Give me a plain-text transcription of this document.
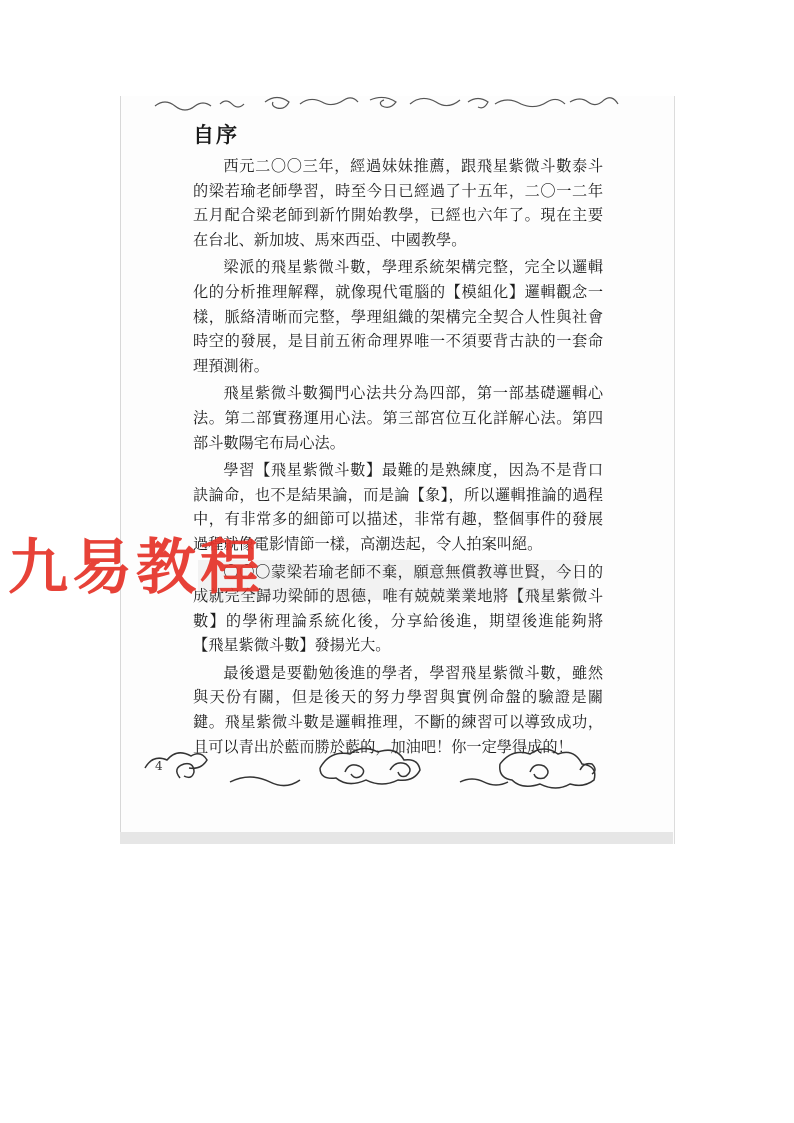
自序

西元二〇〇三年，經過妹妹推薦，跟飛星紫微斗數泰斗的梁若瑜老師學習，時至今日已經過了十五年，二〇一二年五月配合梁老師到新竹開始教學，已經也六年了。現在主要在台北、新加坡、馬來西亞、中國教學。

梁派的飛星紫微斗數，學理系統架構完整，完全以邏輯化的分析推理解釋，就像現代電腦的【模組化】邏輯觀念一樣，脈絡清晰而完整，學理組織的架構完全契合人性與社會時空的發展，是目前五術命理界唯一不須要背古訣的一套命理預測術。

飛星紫微斗數獨門心法共分為四部，第一部基礎邏輯心法。第二部實務運用心法。第三部宮位互化詳解心法。第四部斗數陽宅布局心法。

學習【飛星紫微斗數】最難的是熟練度，因為不是背口訣論命，也不是結果論，而是論【象】，所以邏輯推論的過程中，有非常多的細節可以描述，非常有趣，整個事件的發展過程就像電影情節一樣，高潮迭起，令人拍案叫絕。

〇〇〇蒙梁若瑜老師不棄，願意無償教導世賢，今日的成就完全歸功梁師的恩德，唯有兢兢業業地將【飛星紫微斗數】的學術理論系統化後，分享給後進，期望後進能夠將【飛星紫微斗數】發揚光大。

最後還是要勸勉後進的學者，學習飛星紫微斗數，雖然與天份有關，但是後天的努力學習與實例命盤的驗證是關鍵。飛星紫微斗數是邏輯推理，不斷的練習可以導致成功，且可以青出於藍而勝於藍的，加油吧！你一定學得成的！

九易教程
4
